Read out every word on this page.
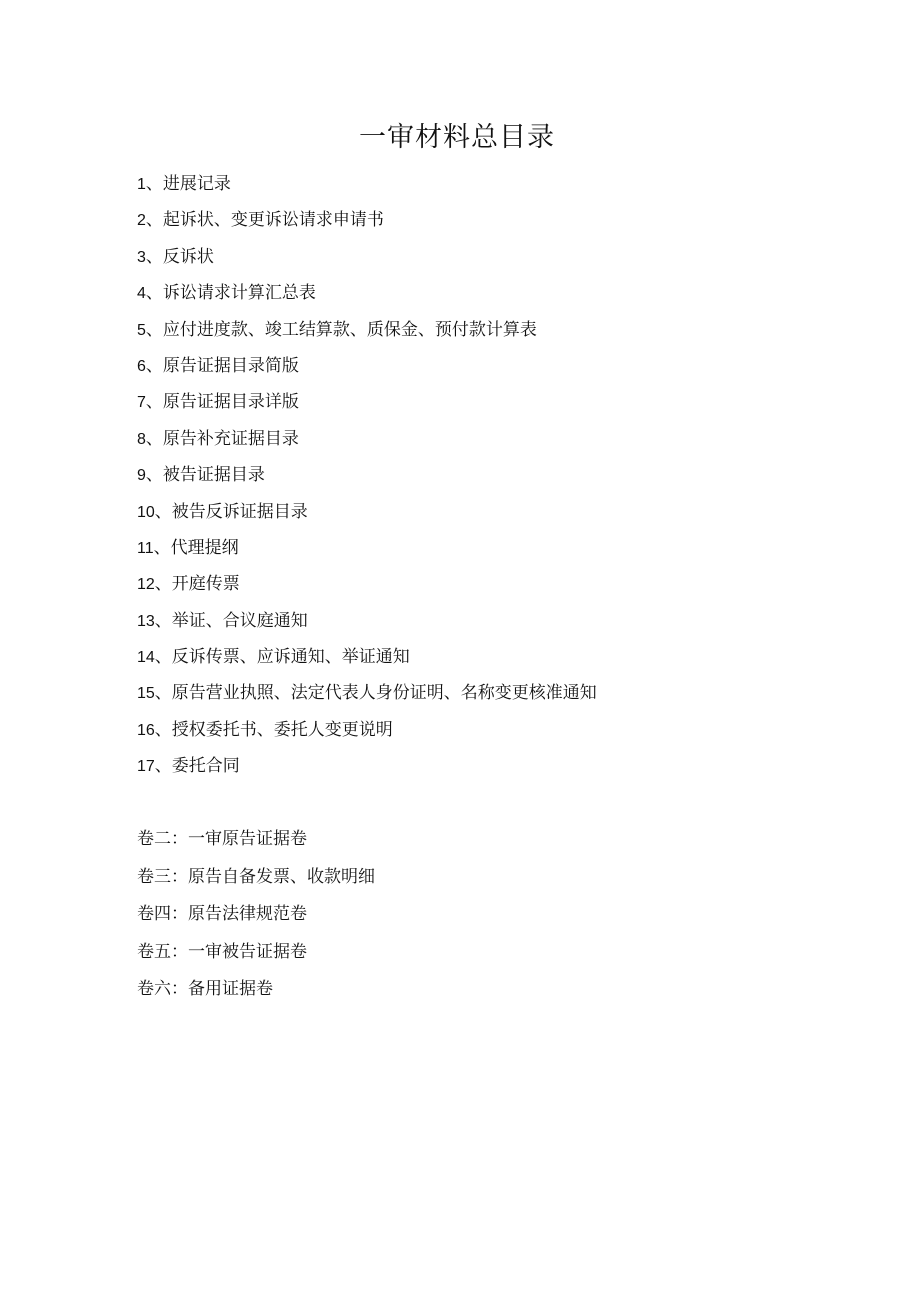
一审材料总目录
1、进展记录
2、起诉状、变更诉讼请求申请书
3、反诉状
4、诉讼请求计算汇总表
5、应付进度款、竣工结算款、质保金、预付款计算表
6、原告证据目录简版
7、原告证据目录详版
8、原告补充证据目录
9、被告证据目录
10、被告反诉证据目录
11、代理提纲
12、开庭传票
13、举证、合议庭通知
14、反诉传票、应诉通知、举证通知
15、原告营业执照、法定代表人身份证明、名称变更核准通知
16、授权委托书、委托人变更说明
17、委托合同
卷二：一审原告证据卷
卷三：原告自备发票、收款明细
卷四：原告法律规范卷
卷五：一审被告证据卷
卷六：备用证据卷
